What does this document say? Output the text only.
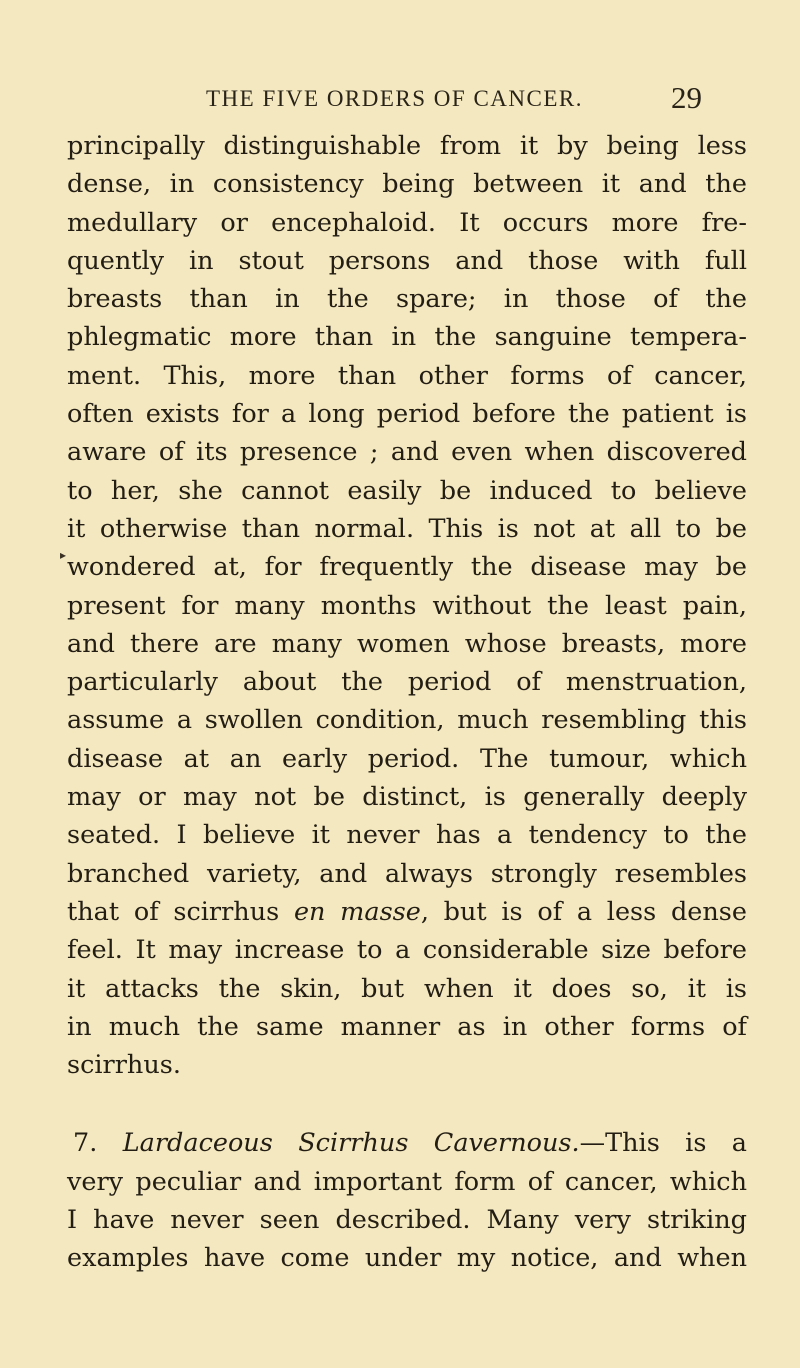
THE FIVE ORDERS OF CANCER.	29
▸
principally distinguishable from it by being less
dense, in consistency being between it and the
medullary or encephaloid. It occurs more fre-
quently in stout persons and those with full
breasts than in the spare; in those of the
phlegmatic more than in the sanguine tempera-
ment. This, more than other forms of cancer,
often exists for a long period before the patient is
aware of its presence ; and even when discovered
to her, she cannot easily be induced to believe
it otherwise than normal. This is not at all to be
wondered at, for frequently the disease may be
present for many months without the least pain,
and there are many women whose breasts, more
particularly about the period of menstruation,
assume a swollen condition, much resembling this
disease at an early period. The tumour, which
may or may not be distinct, is generally deeply
seated. I believe it never has a tendency to the
branched variety, and always strongly resembles
that of scirrhus en masse, but is of a less dense
feel. It may increase to a considerable size before
it attacks the skin, but when it does so, it is
in much the same manner as in other forms of
scirrhus.
7. Lardaceous Scirrhus Cavernous.—This is a
very peculiar and important form of cancer, which
I have never seen described. Many very striking
examples have come under my notice, and when
